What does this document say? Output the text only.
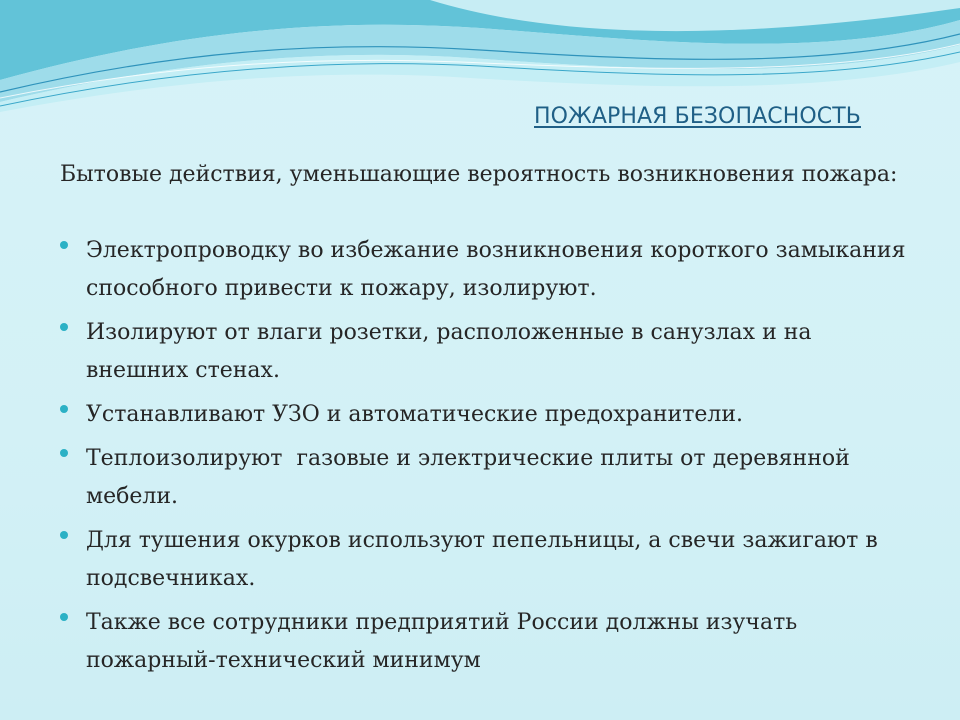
ПОЖАРНАЯ БЕЗОПАСНОСТЬ

Бытовые действия, уменьшающие вероятность возникновения пожара:

Электропроводку во избежание возникновения короткого замыкания способного привести к пожару, изолируют.
Изолируют от влаги розетки, расположенные в санузлах и на внешних стенах.
Устанавливают УЗО и автоматические предохранители.
Теплоизолируют  газовые и электрические плиты от деревянной мебели.
Для тушения окурков используют пепельницы, а свечи зажигают в подсвечниках.
Также все сотрудники предприятий России должны изучать пожарный-технический минимум
